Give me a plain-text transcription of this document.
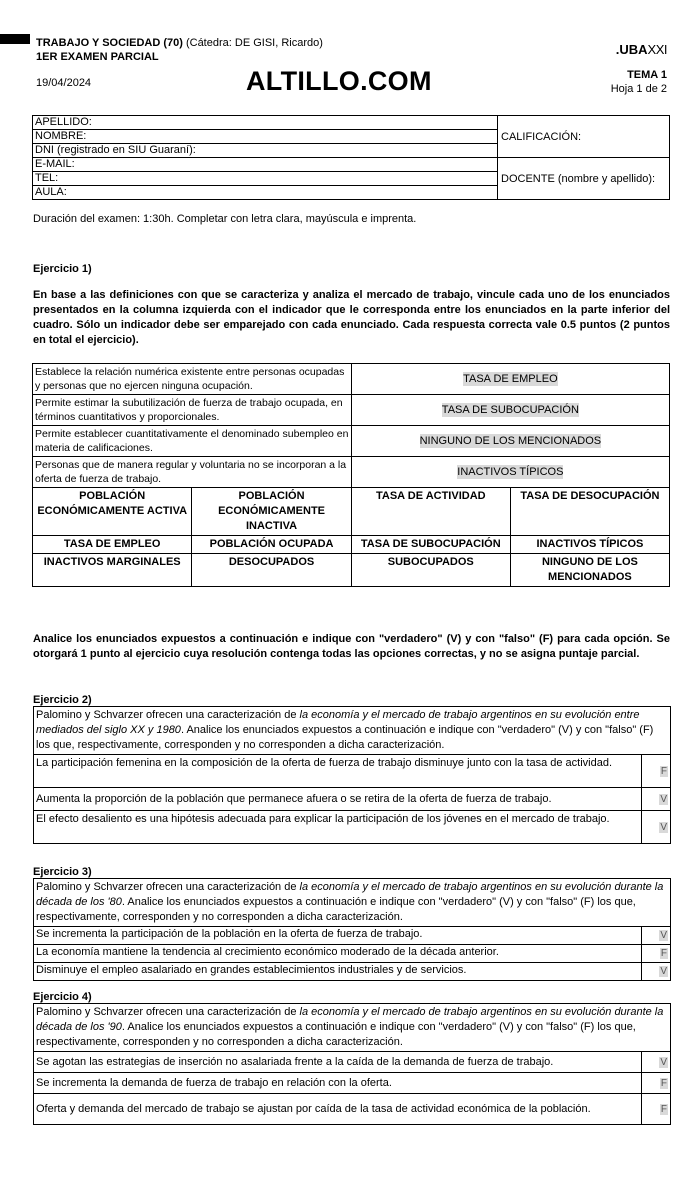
TRABAJO Y SOCIEDAD (70) (Cátedra: DE GISI, Ricardo)
1ER EXAMEN PARCIAL
19/04/2024	ALTILLO.COM
.UBAXXI
TEMA 1
Hoja 1 de 2
APELLIDO:	CALIFICACIÓN:
NOMBRE:	
DNI (registrado en SIU Guaraní):	
E-MAIL:	DOCENTE (nombre y apellido):
TEL:	
AULA:	
Duración del examen: 1:30h. Completar con letra clara, mayúscula e imprenta.
Ejercicio 1)
En base a las definiciones con que se caracteriza y analiza el mercado de trabajo, vincule cada uno de los enunciados presentados en la columna izquierda con el indicador que le corresponda entre los enunciados en la parte inferior del cuadro. Sólo un indicador debe ser emparejado con cada enunciado. Cada respuesta correcta vale 0.5 puntos (2 puntos en total el ejercicio).
Establece la relación numérica existente entre personas ocupadas y personas que no ejercen ninguna ocupación.		TASA DE EMPLEO	
Permite estimar la subutilización de fuerza de trabajo ocupada, en términos cuantitativos y proporcionales.		TASA DE SUBOCUPACIÓN	
Permite establecer cuantitativamente el denominado subempleo en materia de calificaciones.		NINGUNO DE LOS MENCIONADOS	
Personas que de manera regular y voluntaria no se incorporan a la oferta de fuerza de trabajo.		INACTIVOS TÍPICOS	
POBLACIÓN ECONÓMICAMENTE ACTIVA	POBLACIÓN ECONÓMICAMENTE INACTIVA	TASA DE ACTIVIDAD	TASA DE DESOCUPACIÓN
TASA DE EMPLEO	POBLACIÓN OCUPADA	TASA DE SUBOCUPACIÓN	INACTIVOS TÍPICOS
INACTIVOS MARGINALES	DESOCUPADOS	SUBOCUPADOS	NINGUNO DE LOS MENCIONADOS
Analice los enunciados expuestos a continuación e indique con "verdadero" (V) y con "falso" (F) para cada opción. Se otorgará 1 punto al ejercicio cuya resolución contenga todas las opciones correctas, y no se asigna puntaje parcial.
Ejercicio 2)
Palomino y Schvarzer ofrecen una caracterización de la economía y el mercado de trabajo argentinos en su evolución entre mediados del siglo XX y 1980. Analice los enunciados expuestos a continuación e indique con "verdadero" (V) y con "falso" (F) los que, respectivamente, corresponden y no corresponden a dicha caracterización.	
La participación femenina en la composición de la oferta de fuerza de trabajo disminuye junto con la tasa de actividad.	F
Aumenta la proporción de la población que permanece afuera o se retira de la oferta de fuerza de trabajo.	V
El efecto desaliento es una hipótesis adecuada para explicar la participación de los jóvenes en el mercado de trabajo.	V
Ejercicio 3)
Palomino y Schvarzer ofrecen una caracterización de la economía y el mercado de trabajo argentinos en su evolución durante la década de los '80. Analice los enunciados expuestos a continuación e indique con "verdadero" (V) y con "falso" (F) los que, respectivamente, corresponden y no corresponden a dicha caracterización.	
Se incrementa la participación de la población en la oferta de fuerza de trabajo.	V
La economía mantiene la tendencia al crecimiento económico moderado de la década anterior.	F
Disminuye el empleo asalariado en grandes establecimientos industriales y de servicios.	V
Ejercicio 4)
Palomino y Schvarzer ofrecen una caracterización de la economía y el mercado de trabajo argentinos en su evolución durante la década de los '90. Analice los enunciados expuestos a continuación e indique con "verdadero" (V) y con "falso" (F) los que, respectivamente, corresponden y no corresponden a dicha caracterización.	
Se agotan las estrategias de inserción no asalariada frente a la caída de la demanda de fuerza de trabajo.	V
Se incrementa la demanda de fuerza de trabajo en relación con la oferta.	F
Oferta y demanda del mercado de trabajo se ajustan por caída de la tasa de actividad económica de la población.	F
